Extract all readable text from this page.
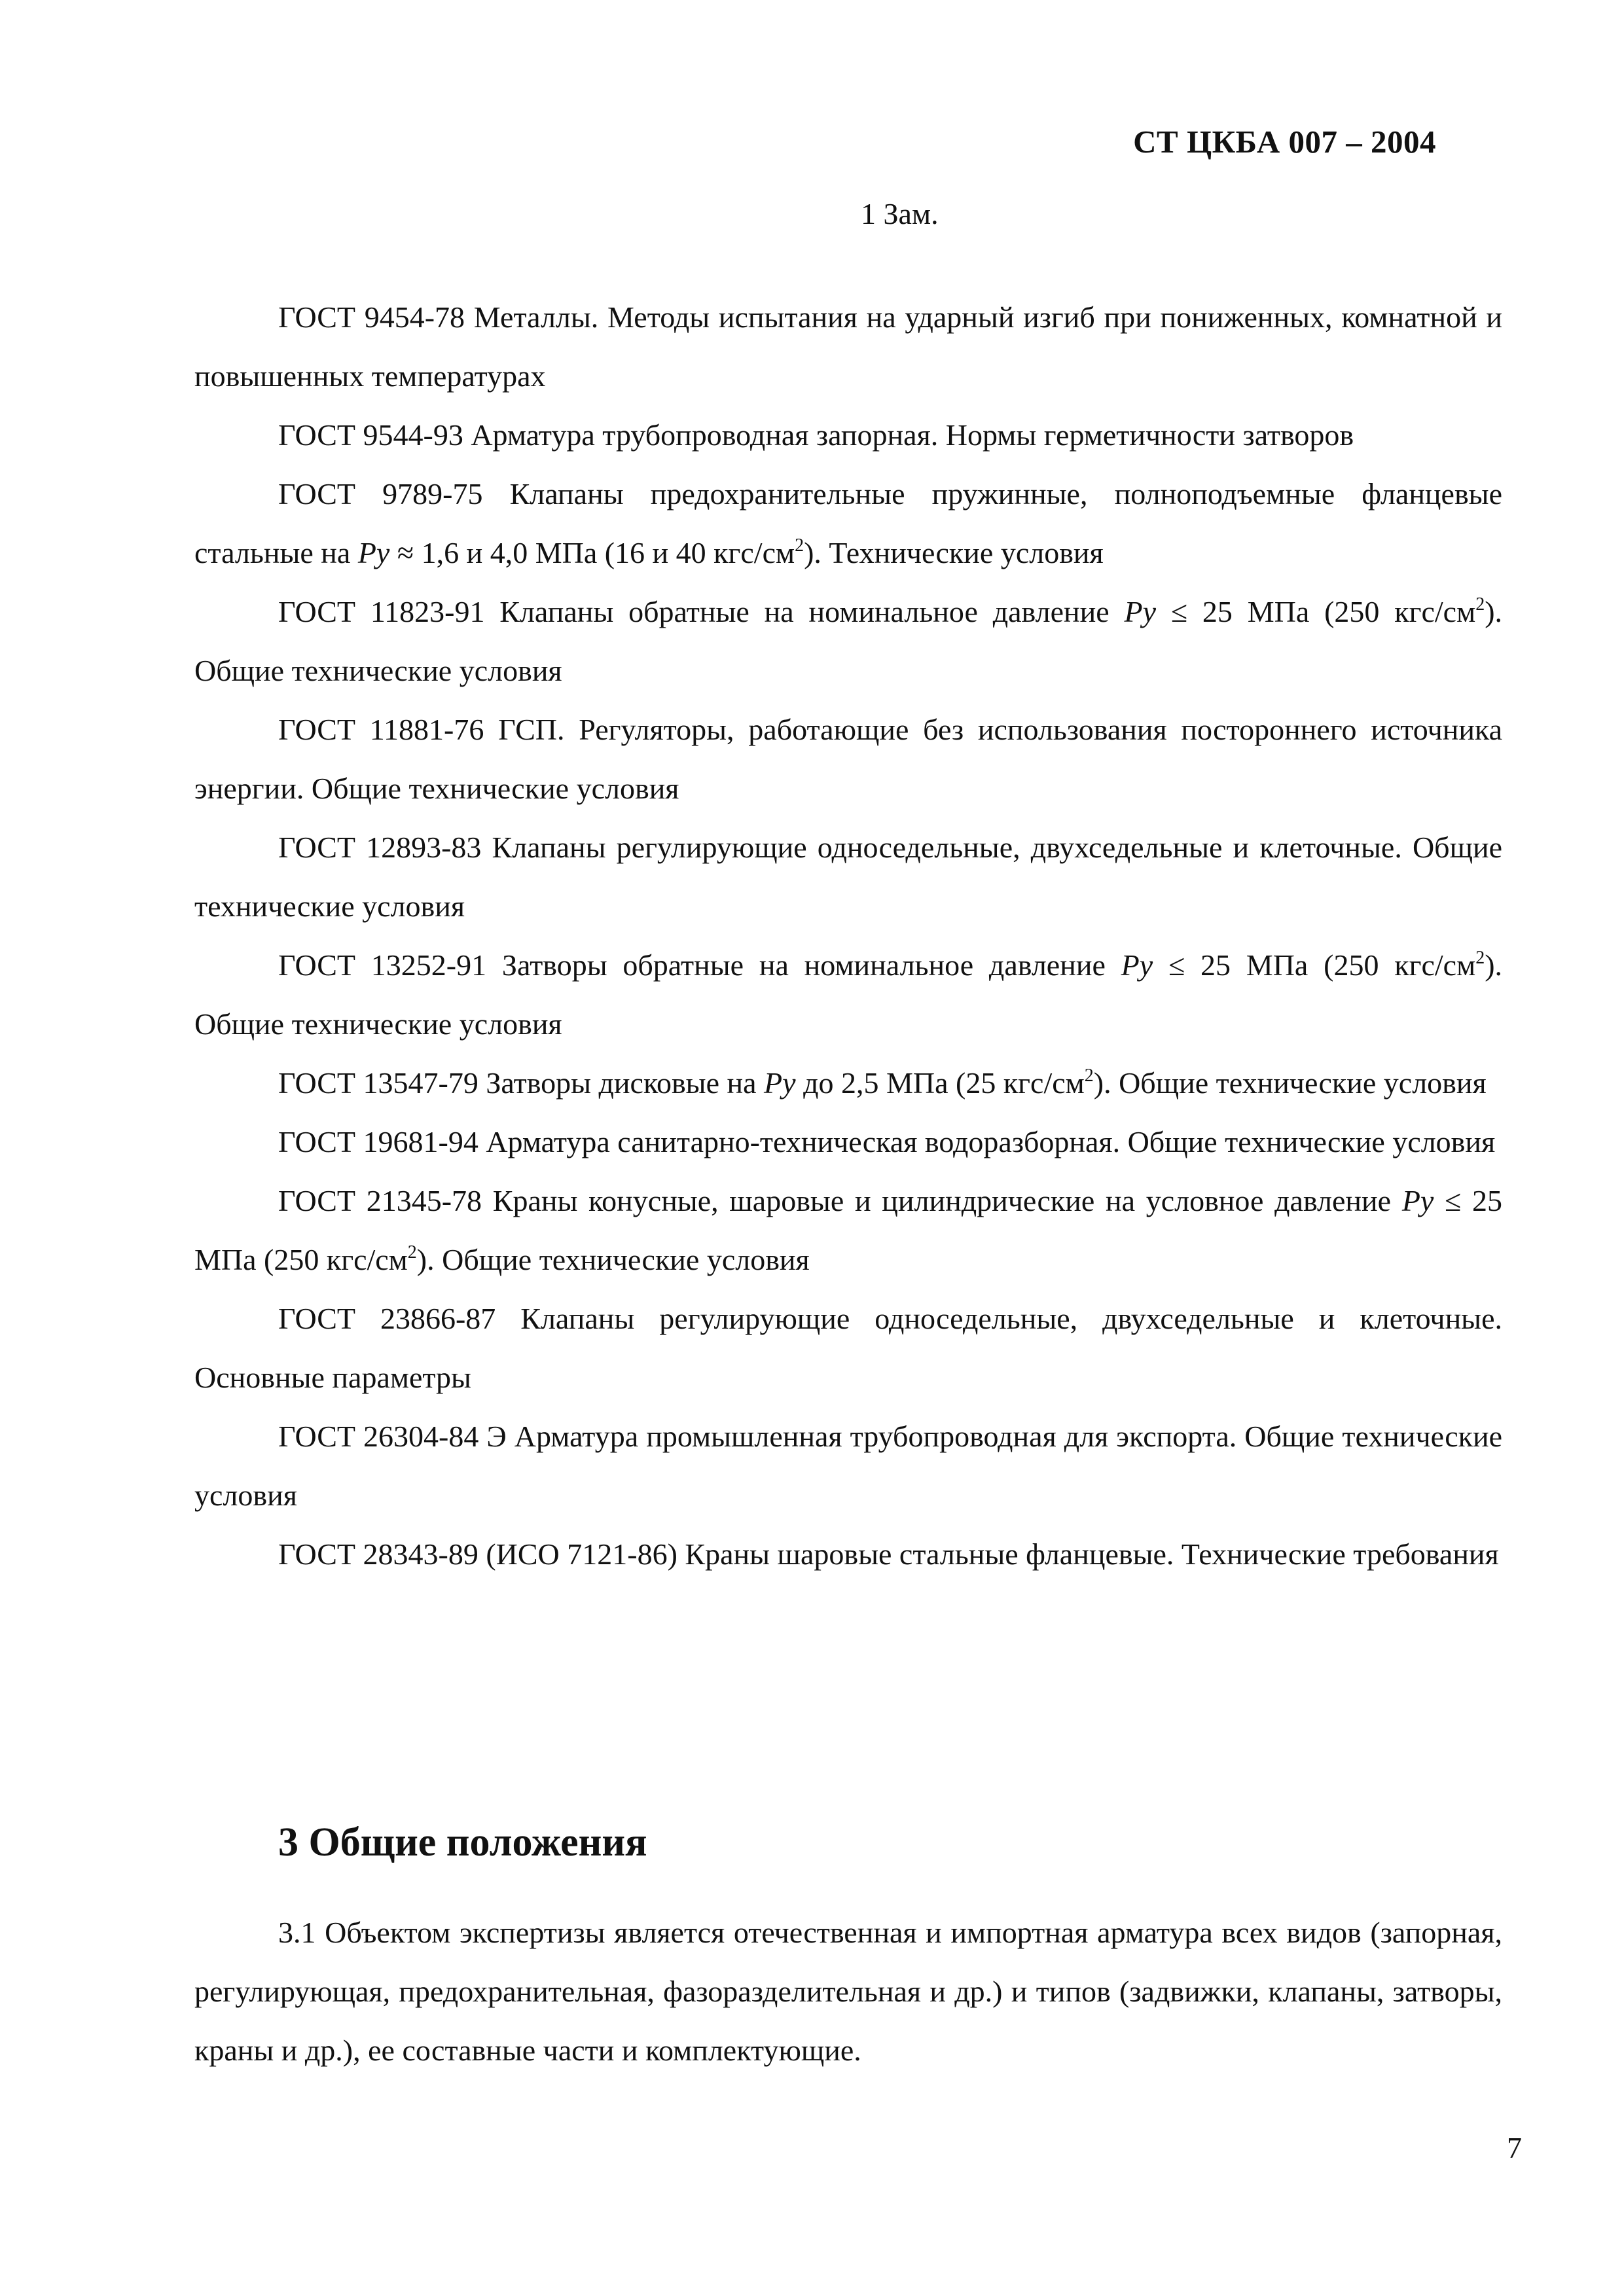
СТ ЦКБА 007 – 2004
1 Зам.

ГОСТ 9454-78 Металлы. Методы испытания на ударный изгиб при пониженных, комнатной и повышенных температурах

ГОСТ 9544-93 Арматура трубопроводная запорная. Нормы герметичности затворов

ГОСТ 9789-75 Клапаны предохранительные пружинные, полноподъемные фланцевые стальные на Ру ≈ 1,6 и 4,0 МПа (16 и 40 кгс/$см^2$). Технические условия

ГОСТ 11823-91 Клапаны обратные на номинальное давление Ру ≤ 25 МПа (250 кгс/$см^2$). Общие технические условия

ГОСТ 11881-76 ГСП. Регуляторы, работающие без использования постороннего источника энергии. Общие технические условия

ГОСТ 12893-83 Клапаны регулирующие односедельные, двухседельные и клеточные. Общие технические условия

ГОСТ 13252-91 Затворы обратные на номинальное давление Ру ≤ 25 МПа (250 кгс/$см^2$). Общие технические условия

ГОСТ 13547-79 Затворы дисковые на Ру до 2,5 МПа (25 кгс/$см^2$). Общие технические условия

ГОСТ 19681-94 Арматура санитарно-техническая водоразборная. Общие технические условия

ГОСТ 21345-78 Краны конусные, шаровые и цилиндрические на условное давление Ру ≤ 25 МПа (250 кгс/$см^2$). Общие технические условия

ГОСТ 23866-87 Клапаны регулирующие односедельные, двухседельные и клеточные. Основные параметры

ГОСТ 26304-84 Э Арматура промышленная трубопроводная для экспорта. Общие технические условия

ГОСТ 28343-89 (ИСО 7121-86) Краны шаровые стальные фланцевые. Технические требования

3 Общие положения

3.1 Объектом экспертизы является отечественная и импортная арматура всех видов (запорная, регулирующая, предохранительная, фазоразделительная и др.) и типов (задвижки, клапаны, затворы, краны и др.), ее составные части и комплектующие.

7
